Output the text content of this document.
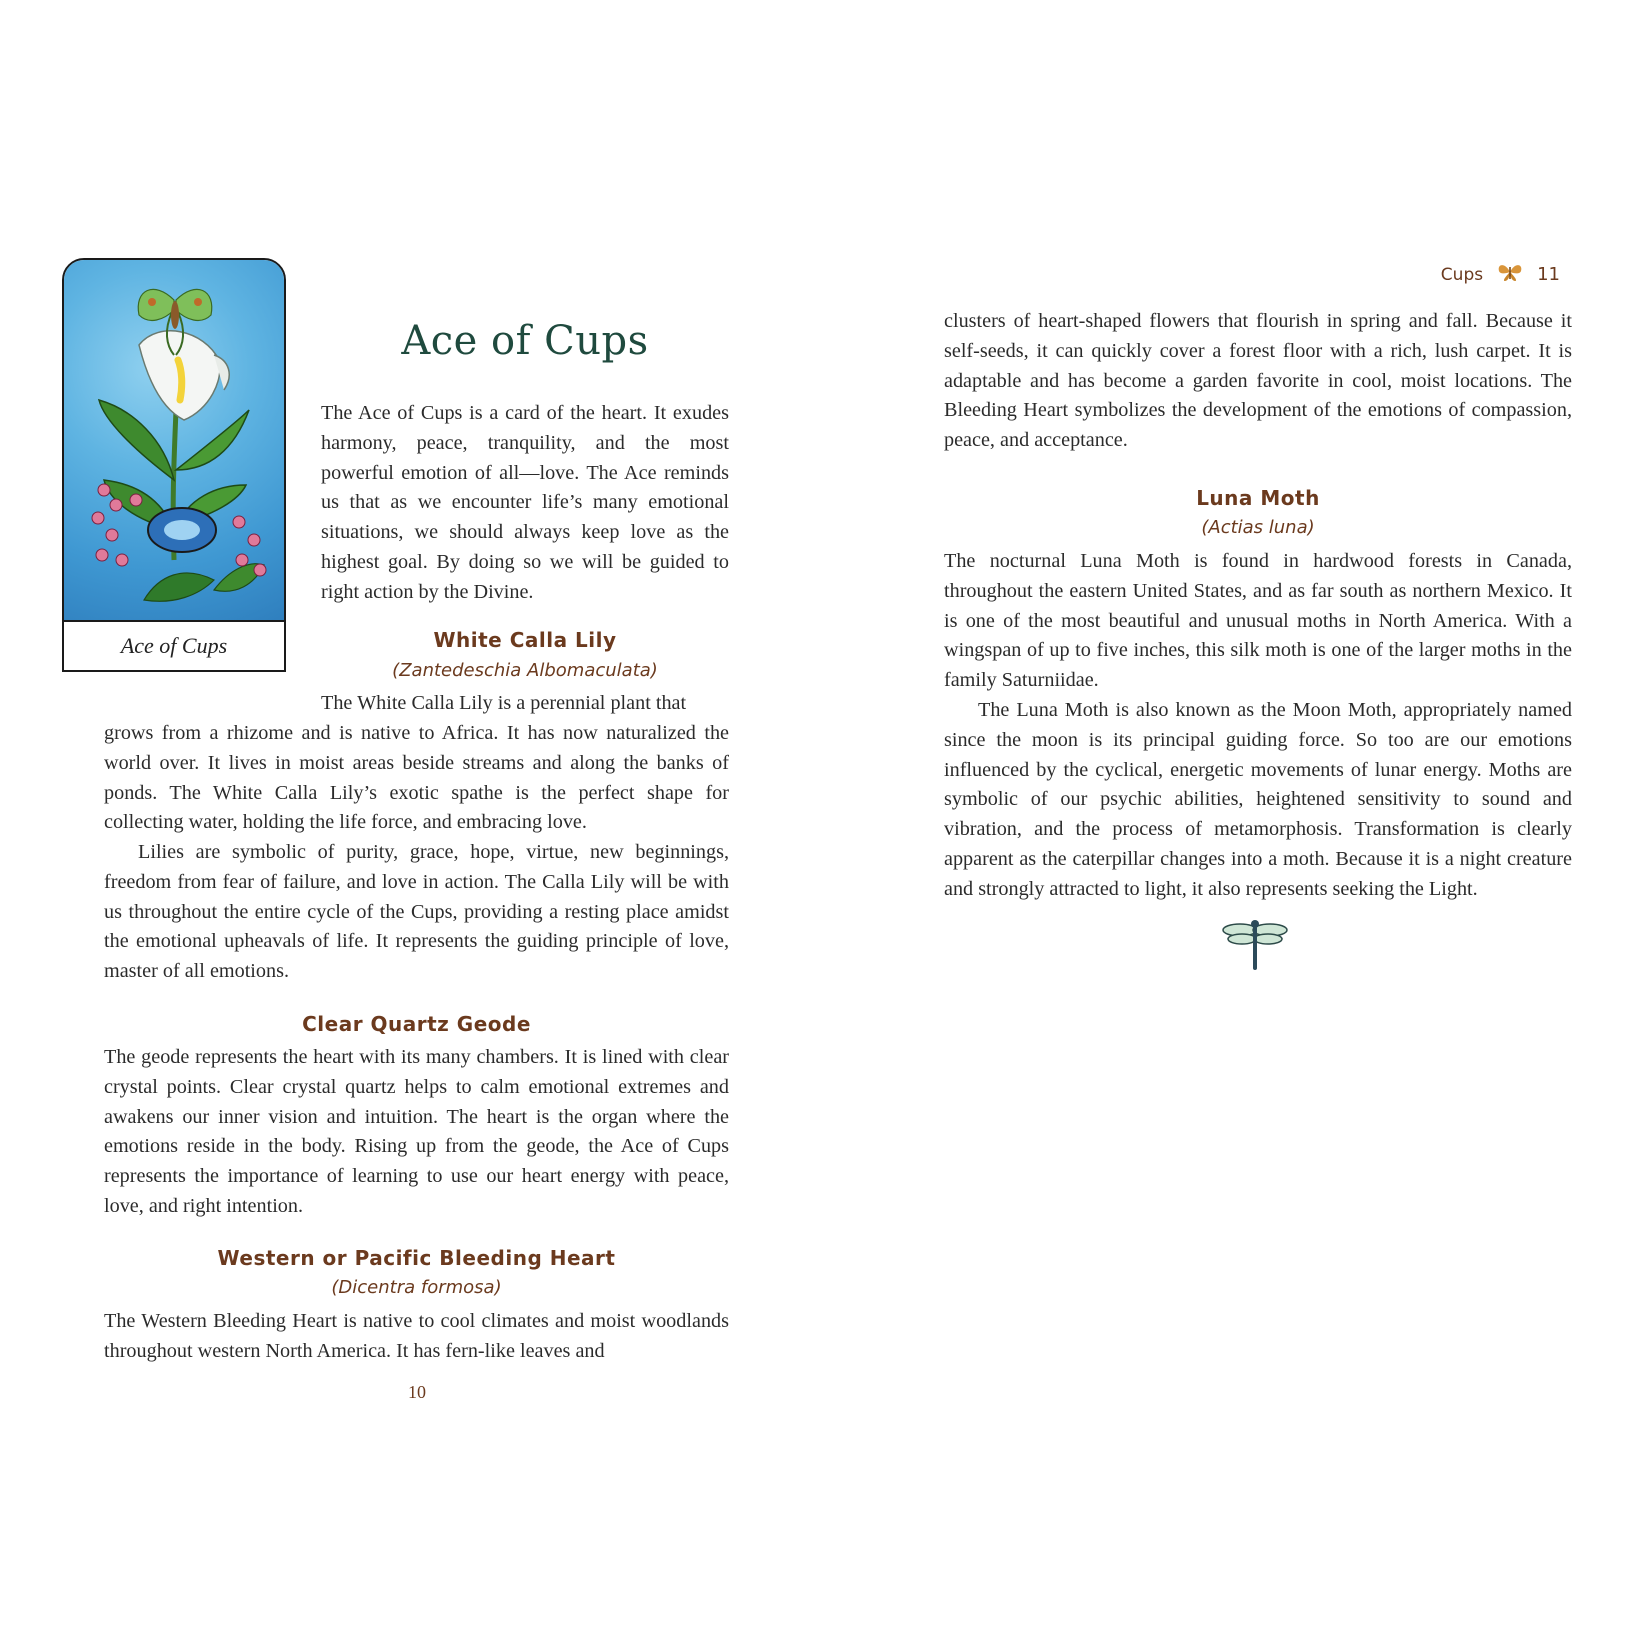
Ace of Cups
Ace of Cups

The Ace of Cups is a card of the heart. It exudes harmony, peace, tranquility, and the most powerful emotion of all—love. The Ace reminds us that as we encounter life’s many emotional situations, we should always keep love as the highest goal. By doing so we will be guided to right action by the Divine.

White Calla Lily
(Zantedeschia Albomaculata)

The White Calla Lily is a perennial plant that

grows from a rhizome and is native to Africa. It has now naturalized the world over. It lives in moist areas beside streams and along the banks of ponds. The White Calla Lily’s exotic spathe is the perfect shape for collecting water, holding the life force, and embracing love.

Lilies are symbolic of purity, grace, hope, virtue, new beginnings, freedom from fear of failure, and love in action. The Calla Lily will be with us throughout the entire cycle of the Cups, providing a resting place amidst the emotional upheavals of life. It represents the guiding principle of love, master of all emotions.

Clear Quartz Geode

The geode represents the heart with its many chambers. It is lined with clear crystal points. Clear crystal quartz helps to calm emotional extremes and awakens our inner vision and intuition. The heart is the organ where the emotions reside in the body. Rising up from the geode, the Ace of Cups represents the importance of learning to use our heart energy with peace, love, and right intention.

Western or Pacific Bleeding Heart
(Dicentra formosa)

The Western Bleeding Heart is native to cool climates and moist woodlands throughout western North America. It has fern-like leaves and

10
Cups	11

clusters of heart-shaped flowers that flourish in spring and fall. Because it self-seeds, it can quickly cover a forest floor with a rich, lush carpet. It is adaptable and has become a garden favorite in cool, moist locations. The Bleeding Heart symbolizes the development of the emotions of compassion, peace, and acceptance.

Luna Moth
(Actias luna)

The nocturnal Luna Moth is found in hardwood forests in Canada, throughout the eastern United States, and as far south as northern Mexico. It is one of the most beautiful and unusual moths in North America. With a wingspan of up to five inches, this silk moth is one of the larger moths in the family Saturniidae.

The Luna Moth is also known as the Moon Moth, appropriately named since the moon is its principal guiding force. So too are our emotions influenced by the cyclical, energetic movements of lunar energy. Moths are symbolic of our psychic abilities, heightened sensitivity to sound and vibration, and the process of metamorphosis. Transformation is clearly apparent as the caterpillar changes into a moth. Because it is a night creature and strongly attracted to light, it also represents seeking the Light.
